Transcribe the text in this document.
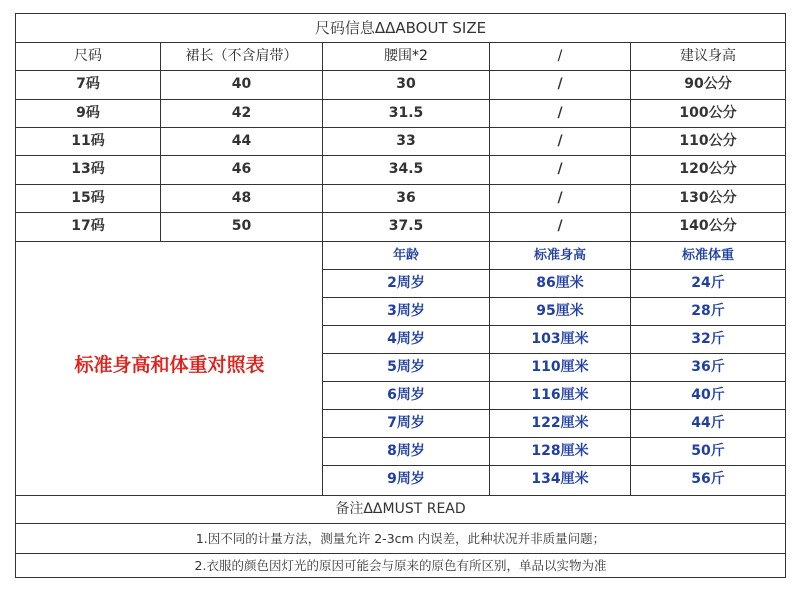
尺码信息ΔΔABOUT SIZE
尺码	裙长（不含肩带）	腰围*2	/	建议身高
7码	40	30	/	90公分
9码	42	31.5	/	100公分
11码	44	33	/	110公分
13码	46	34.5	/	120公分
15码	48	36	/	130公分
17码	50	37.5	/	140公分
标准身高和体重对照表
年龄	标准身高	标准体重
2周岁	86厘米	24斤
3周岁	95厘米	28斤
4周岁	103厘米	32斤
5周岁	110厘米	36斤
6周岁	116厘米	40斤
7周岁	122厘米	44斤
8周岁	128厘米	50斤
9周岁	134厘米	56斤
备注ΔΔMUST READ
1.因不同的计量方法，测量允许 2-3cm 内误差，此种状况并非质量问题；
2.衣服的颜色因灯光的原因可能会与原来的原色有所区别，单品以实物为准
